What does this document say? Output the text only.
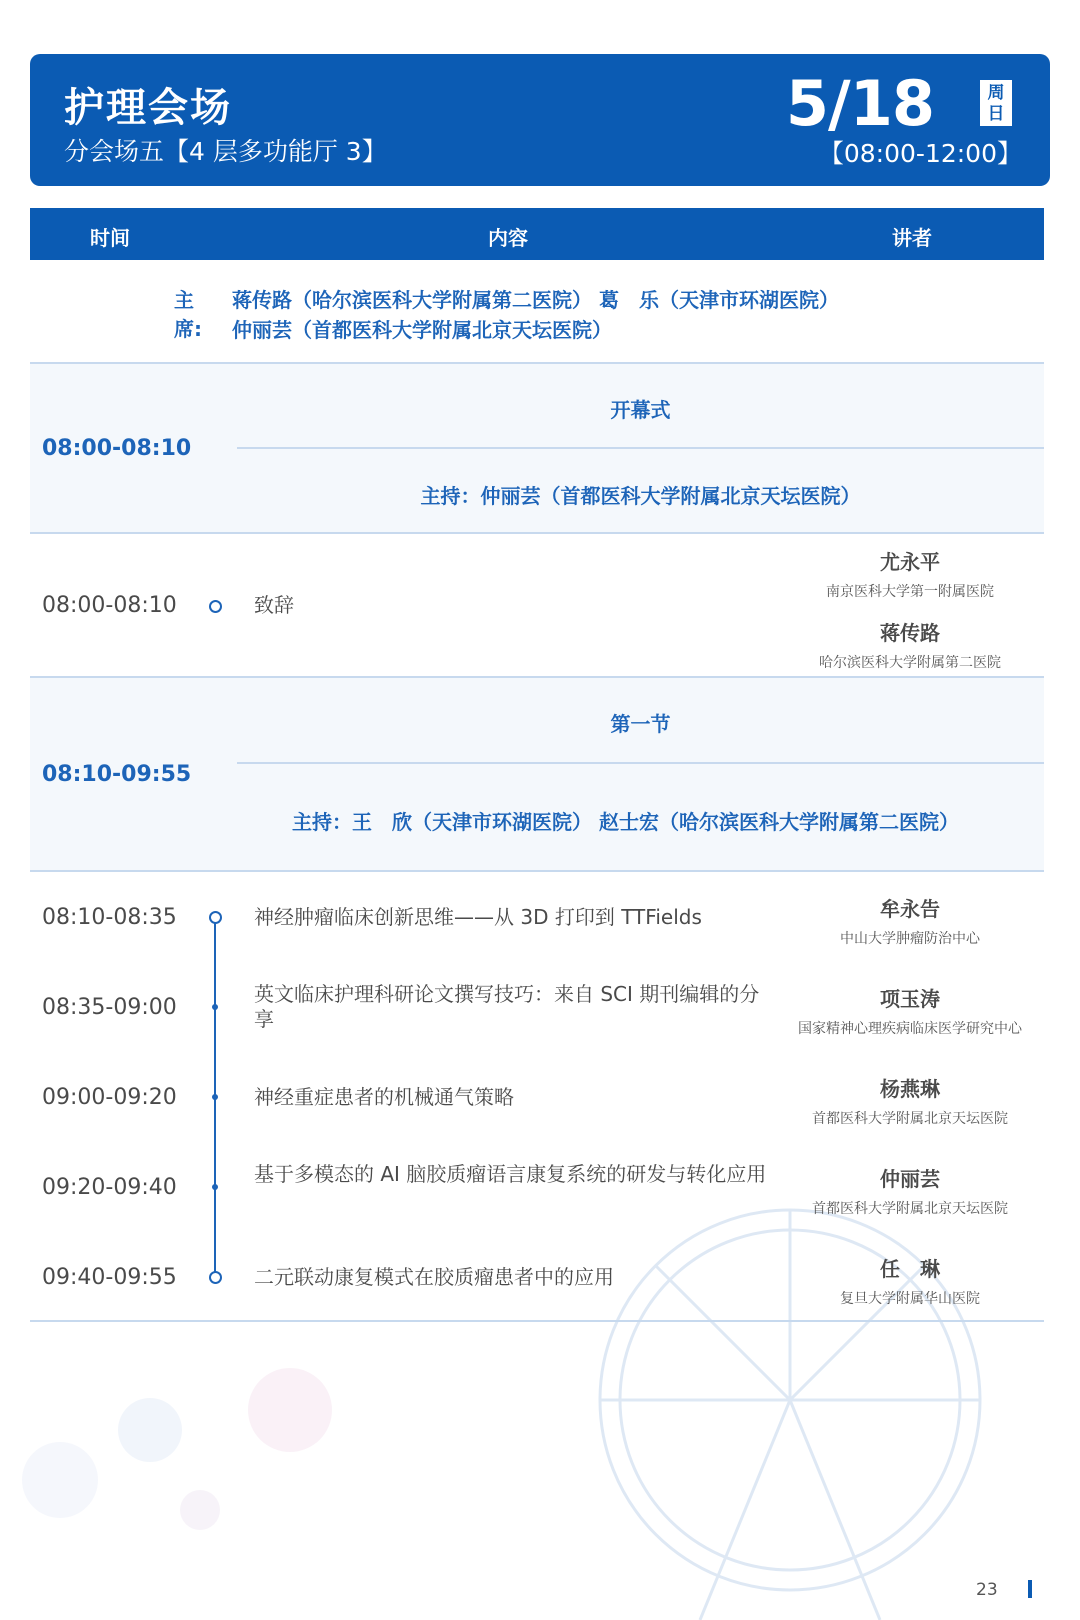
护理会场
分会场五【4 层多功能厅 3】
5/18	周
日
【08:00-12:00】
时间	内容	讲者
主席:
蒋传路（哈尔滨医科大学附属第二医院） 葛　乐（天津市环湖医院）
仲丽芸（首都医科大学附属北京天坛医院）
08:00-08:10
开幕式
主持：仲丽芸（首都医科大学附属北京天坛医院）
08:00-08:10	致辞
尤永平
南京医科大学第一附属医院
蒋传路
哈尔滨医科大学附属第二医院
08:10-09:55
第一节
主持：王　欣（天津市环湖医院） 赵士宏（哈尔滨医科大学附属第二医院）
08:10-08:35	神经肿瘤临床创新思维——从 3D 打印到 TTFields	牟永告
中山大学肿瘤防治中心
08:35-09:00
英文临床护理科研论文撰写技巧：来自 SCI 期刊编辑的分享
项玉涛
国家精神心理疾病临床医学研究中心
09:00-09:20	神经重症患者的机械通气策略	杨燕琳
首都医科大学附属北京天坛医院
09:20-09:40
基于多模态的 AI 脑胶质瘤语言康复系统的研发与转化应用	仲丽芸
首都医科大学附属北京天坛医院
09:40-09:55	二元联动康复模式在胶质瘤患者中的应用	任　琳
复旦大学附属华山医院
23
